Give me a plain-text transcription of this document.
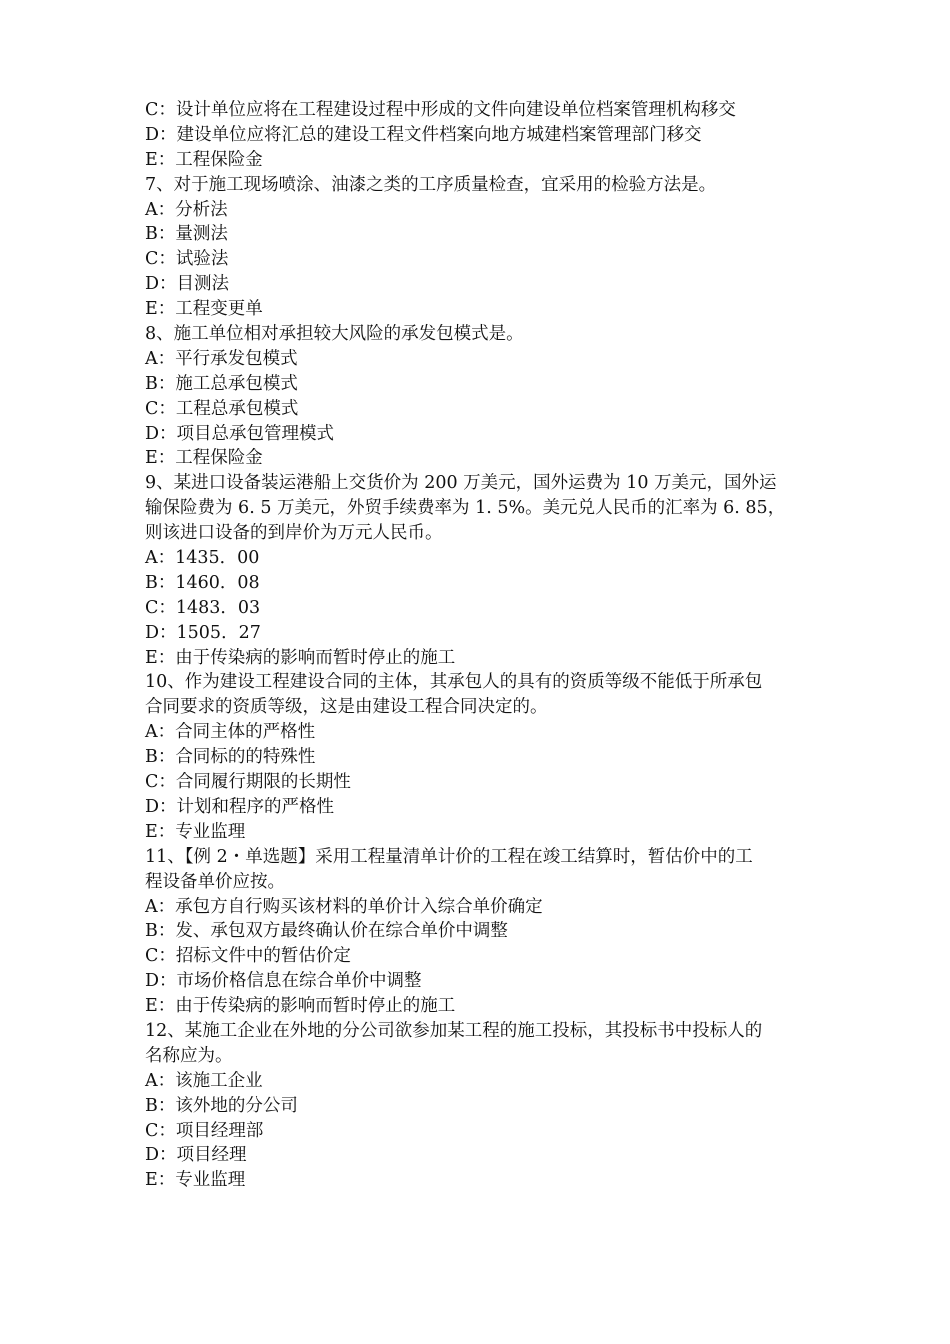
C：设计单位应将在工程建设过程中形成的文件向建设单位档案管理机构移交

D：建设单位应将汇总的建设工程文件档案向地方城建档案管理部门移交

E：工程保险金

7、对于施工现场喷涂、油漆之类的工序质量检查，宜采用的检验方法是。

A：分析法

B：量测法

C：试验法

D：目测法

E：工程变更单

8、施工单位相对承担较大风险的承发包模式是。

A：平行承发包模式

B：施工总承包模式

C：工程总承包模式

D：项目总承包管理模式

E：工程保险金

9、某进口设备装运港船上交货价为 200 万美元，国外运费为 10 万美元，国外运

输保险费为 6. 5 万美元，外贸手续费率为 1. 5%。美元兑人民币的汇率为 6. 85，

则该进口设备的到岸价为万元人民币。

A：1435．00

B：1460．08

C：1483．03

D：1505．27

E：由于传染病的影响而暂时停止的施工

10、作为建设工程建设合同的主体，其承包人的具有的资质等级不能低于所承包

合同要求的资质等级，这是由建设工程合同决定的。

A：合同主体的严格性

B：合同标的的特殊性

C：合同履行期限的长期性

D：计划和程序的严格性

E：专业监理

11、【例 2・单选题】采用工程量清单计价的工程在竣工结算时，暂估价中的工

程设备单价应按。

A：承包方自行购买该材料的单价计入综合单价确定

B：发、承包双方最终确认价在综合单价中调整

C：招标文件中的暂估价定

D：市场价格信息在综合单价中调整

E：由于传染病的影响而暂时停止的施工

12、某施工企业在外地的分公司欲参加某工程的施工投标，其投标书中投标人的

名称应为。

A：该施工企业

B：该外地的分公司

C：项目经理部

D：项目经理

E：专业监理
